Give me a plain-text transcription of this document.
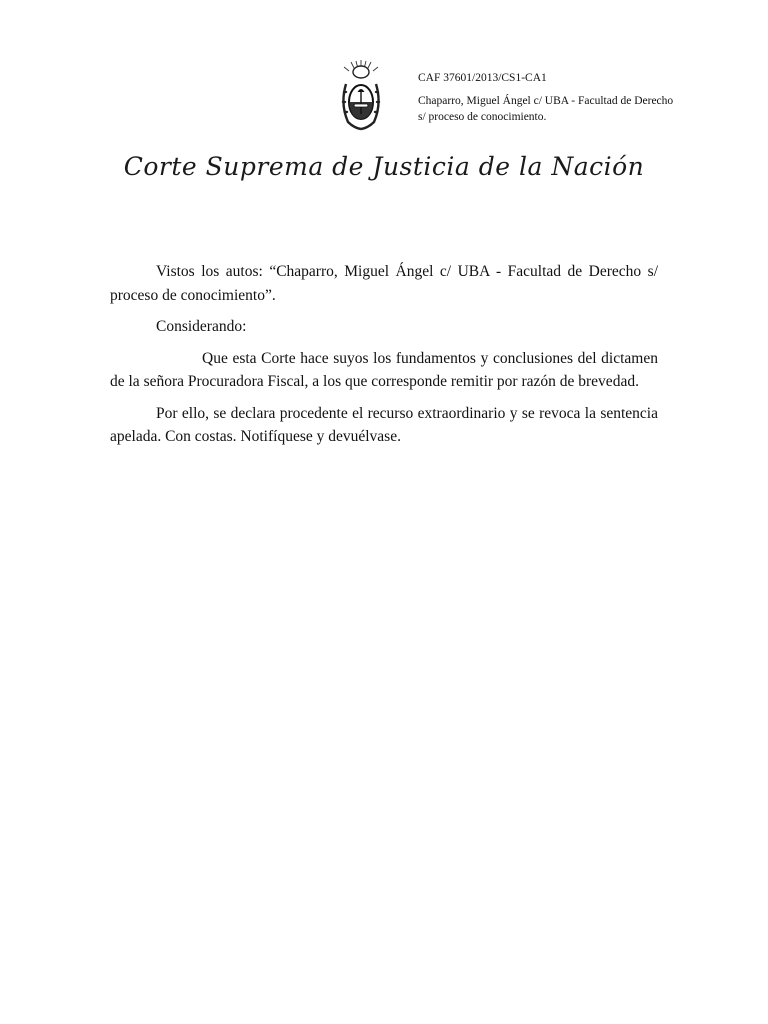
CAF 37601/2013/CS1-CA1
Chaparro, Miguel Ángel c/ UBA - Facultad de Derecho s/ proceso de conocimiento.
Corte Suprema de Justicia de la Nación

Vistos los autos: “Chaparro, Miguel Ángel c/ UBA - Facultad de Derecho s/ proceso de conocimiento”.

Considerando:

Que esta Corte hace suyos los fundamentos y conclusiones del dictamen de la señora Procuradora Fiscal, a los que corresponde remitir por razón de brevedad.

Por ello, se declara procedente el recurso extraordinario y se revoca la sentencia apelada. Con costas. Notifíquese y devuélvase.
